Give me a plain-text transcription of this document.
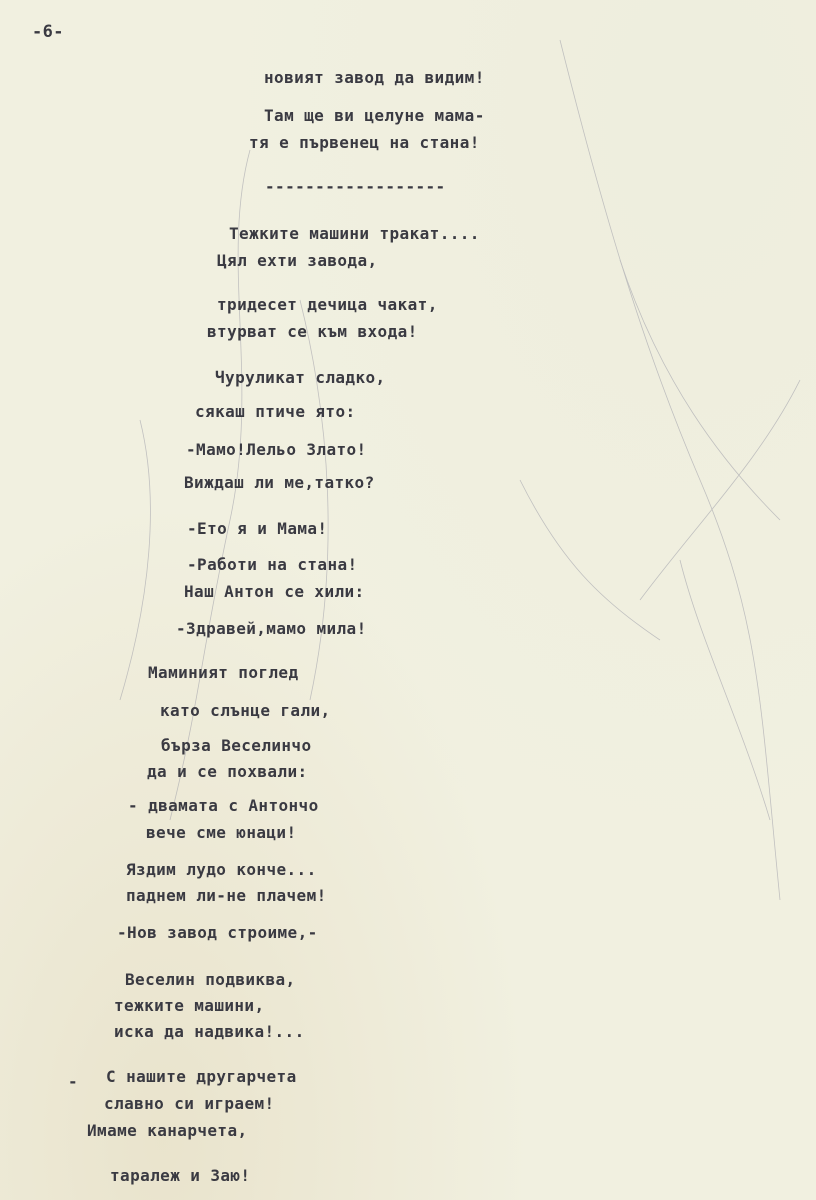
-6-
новият завод да видим!
Там ще ви целуне мама-
тя е първенец на стана!
------------------
Тежките машини тракат....
Цял ехти завода,
тридесет дечица чакат,
втурват се към входа!
Чуруликат сладко,
сякаш птиче ято:
-Мамо!Лельо Злато!
Виждаш ли ме,татко?
-Ето я и Мама!
-Работи на стана!
Наш Антон се хили:
-Здравей,мамо мила!
Маминият поглед
като слънце гали,
бърза Веселинчо
да и се похвали:
- двамата с Антончо
вече сме юнаци!
Яздим лудо конче...
паднем ли-не плачем!
-Нов завод строиме,-
Веселин подвиква,
тежките машини,
иска да надвика!...
- С нашите другарчета
славно си играем!
Имаме канарчета,
таралеж и Заю!
